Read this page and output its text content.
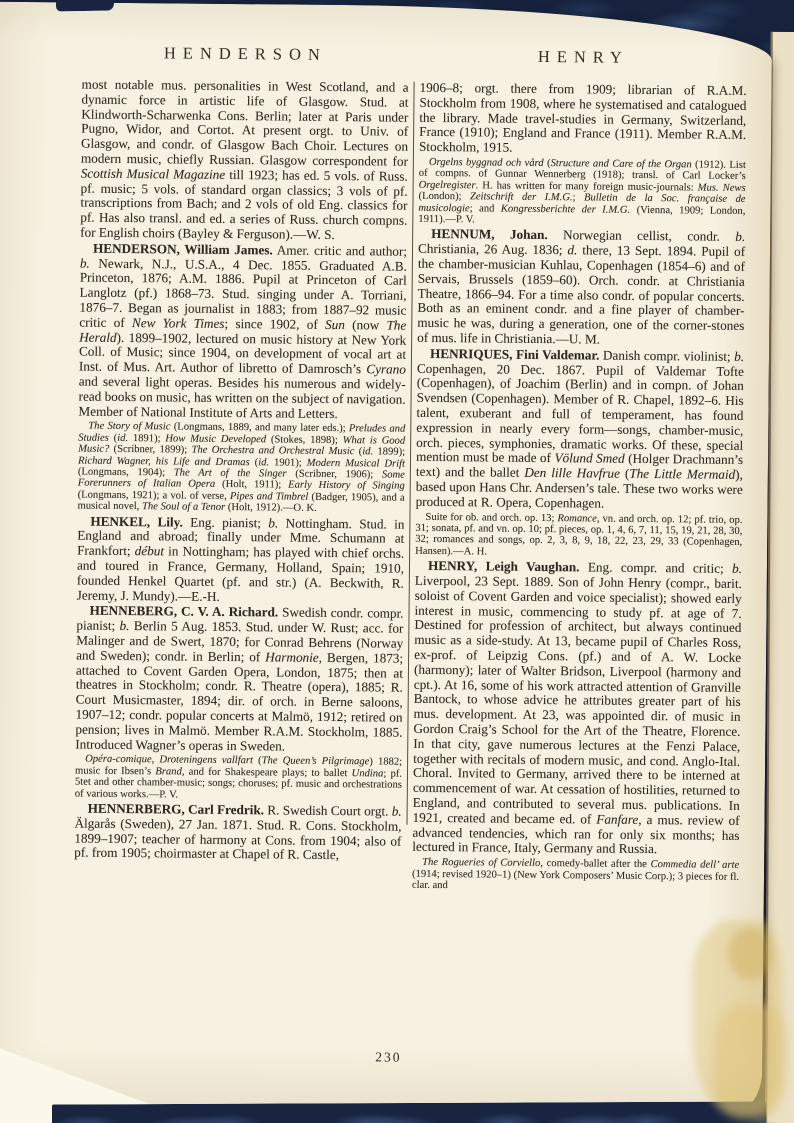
HENDERSON

most notable mus. personalities in West Scotland, and a dynamic force in artistic life of Glasgow. Stud. at Klindworth-Scharwenka Cons. Berlin; later at Paris under Pugno, Widor, and Cortot. At present orgt. to Univ. of Glasgow, and condr. of Glasgow Bach Choir. Lectures on modern music, chiefly Russian. Glasgow correspondent for Scottish Musical Magazine till 1923; has ed. 5 vols. of Russ. pf. music; 5 vols. of standard organ classics; 3 vols of pf. transcriptions from Bach; and 2 vols of old Eng. classics for pf. Has also transl. and ed. a series of Russ. church compns. for English choirs (Bayley & Ferguson).—W. S.

HENDERSON, William James. Amer. critic and author; b. Newark, N.J., U.S.A., 4 Dec. 1855. Graduated A.B. Princeton, 1876; A.M. 1886. Pupil at Princeton of Carl Langlotz (pf.) 1868–73. Stud. singing under A. Torriani, 1876–7. Began as journalist in 1883; from 1887–92 music critic of New York Times; since 1902, of Sun (now The Herald). 1899–1902, lectured on music history at New York Coll. of Music; since 1904, on development of vocal art at Inst. of Mus. Art. Author of libretto of Damrosch’s Cyrano and several light operas. Besides his numerous and widely-read books on music, has written on the subject of navigation. Member of National Institute of Arts and Letters.

The Story of Music (Longmans, 1889, and many later eds.); Preludes and Studies (id. 1891); How Music Developed (Stokes, 1898); What is Good Music? (Scribner, 1899); The Orchestra and Orchestral Music (id. 1899); Richard Wagner, his Life and Dramas (id. 1901); Modern Musical Drift (Longmans, 1904); The Art of the Singer (Scribner, 1906); Some Forerunners of Italian Opera (Holt, 1911); Early History of Singing (Longmans, 1921); a vol. of verse, Pipes and Timbrel (Badger, 1905), and a musical novel, The Soul of a Tenor (Holt, 1912).—O. K.

HENKEL, Lily. Eng. pianist; b. Nottingham. Stud. in England and abroad; finally under Mme. Schumann at Frankfort; début in Nottingham; has played with chief orchs. and toured in France, Germany, Holland, Spain; 1910, founded Henkel Quartet (pf. and str.) (A. Beckwith, R. Jeremy, J. Mundy).—E.-H.

HENNEBERG, C. V. A. Richard. Swedish condr. compr. pianist; b. Berlin 5 Aug. 1853. Stud. under W. Rust; acc. for Malinger and de Swert, 1870; for Conrad Behrens (Norway and Sweden); condr. in Berlin; of Harmonie, Bergen, 1873; attached to Covent Garden Opera, London, 1875; then at theatres in Stockholm; condr. R. Theatre (opera), 1885; R. Court Musicmaster, 1894; dir. of orch. in Berne saloons, 1907–12; condr. popular concerts at Malmö, 1912; retired on pension; lives in Malmö. Member R.A.M. Stockholm, 1885. Introduced Wagner’s operas in Sweden.

Opéra-comique, Droteningens vallfart (The Queen’s Pilgrimage) 1882; music for Ibsen’s Brand, and for Shakespeare plays; to ballet Undina; pf. 5tet and other chamber-music; songs; choruses; pf. music and orchestrations of various works.—P. V.

HENNERBERG, Carl Fredrik. R. Swedish Court orgt. b. Älgarås (Sweden), 27 Jan. 1871. Stud. R. Cons. Stockholm, 1899–1907; teacher of harmony at Cons. from 1904; also of pf. from 1905; choirmaster at Chapel of R. Castle,

HENRY

1906–8; orgt. there from 1909; librarian of R.A.M. Stockholm from 1908, where he systematised and catalogued the library. Made travel-studies in Germany, Switzerland, France (1910); England and France (1911). Member R.A.M. Stockholm, 1915.

Orgelns byggnad och vård (Structure and Care of the Organ (1912). List of compns. of Gunnar Wennerberg (1918); transl. of Carl Locker’s Orgelregister. H. has written for many foreign music-journals: Mus. News (London); Zeitschrift der I.M.G.; Bulletin de la Soc. française de musicologie; and Kongressberichte der I.M.G. (Vienna, 1909; London, 1911).—P. V.

HENNUM, Johan. Norwegian cellist, condr. b. Christiania, 26 Aug. 1836; d. there, 13 Sept. 1894. Pupil of the chamber-musician Kuhlau, Copenhagen (1854–6) and of Servais, Brussels (1859–60). Orch. condr. at Christiania Theatre, 1866–94. For a time also condr. of popular concerts. Both as an eminent condr. and a fine player of chamber-music he was, during a generation, one of the corner-stones of mus. life in Christiania.—U. M.

HENRIQUES, Fini Valdemar. Danish compr. violinist; b. Copenhagen, 20 Dec. 1867. Pupil of Valdemar Tofte (Copenhagen), of Joachim (Berlin) and in compn. of Johan Svendsen (Copenhagen). Member of R. Chapel, 1892–6. His talent, exuberant and full of temperament, has found expression in nearly every form—songs, chamber-music, orch. pieces, symphonies, dramatic works. Of these, special mention must be made of Völund Smed (Holger Drachmann’s text) and the ballet Den lille Havfrue (The Little Mermaid), based upon Hans Chr. Andersen’s tale. These two works were produced at R. Opera, Copenhagen.

Suite for ob. and orch. op. 13; Romance, vn. and orch. op. 12; pf. trio, op. 31; sonata, pf. and vn. op. 10; pf. pieces, op. 1, 4, 6, 7, 11, 15, 19, 21, 28, 30, 32; romances and songs, op. 2, 3, 8, 9, 18, 22, 23, 29, 33 (Copenhagen, Hansen).—A. H.

HENRY, Leigh Vaughan. Eng. compr. and critic; b. Liverpool, 23 Sept. 1889. Son of John Henry (compr., barit. soloist of Covent Garden and voice specialist); showed early interest in music, commencing to study pf. at age of 7. Destined for profession of architect, but always continued music as a side-study. At 13, became pupil of Charles Ross, ex-prof. of Leipzig Cons. (pf.) and of A. W. Locke (harmony); later of Walter Bridson, Liverpool (harmony and cpt.). At 16, some of his work attracted attention of Granville Bantock, to whose advice he attributes greater part of his mus. development. At 23, was appointed dir. of music in Gordon Craig’s School for the Art of the Theatre, Florence. In that city, gave numerous lectures at the Fenzi Palace, together with recitals of modern music, and cond. Anglo-Ital. Choral. Invited to Germany, arrived there to be interned at commencement of war. At cessation of hostilities, returned to England, and contributed to several mus. publications. In 1921, created and became ed. of Fanfare, a mus. review of advanced tendencies, which ran for only six months; has lectured in France, Italy, Germany and Russia.

The Rogueries of Corviello, comedy-ballet after the Commedia dell’ arte (1914; revised 1920–1) (New York Composers’ Music Corp.); 3 pieces for fl. clar. and

230
